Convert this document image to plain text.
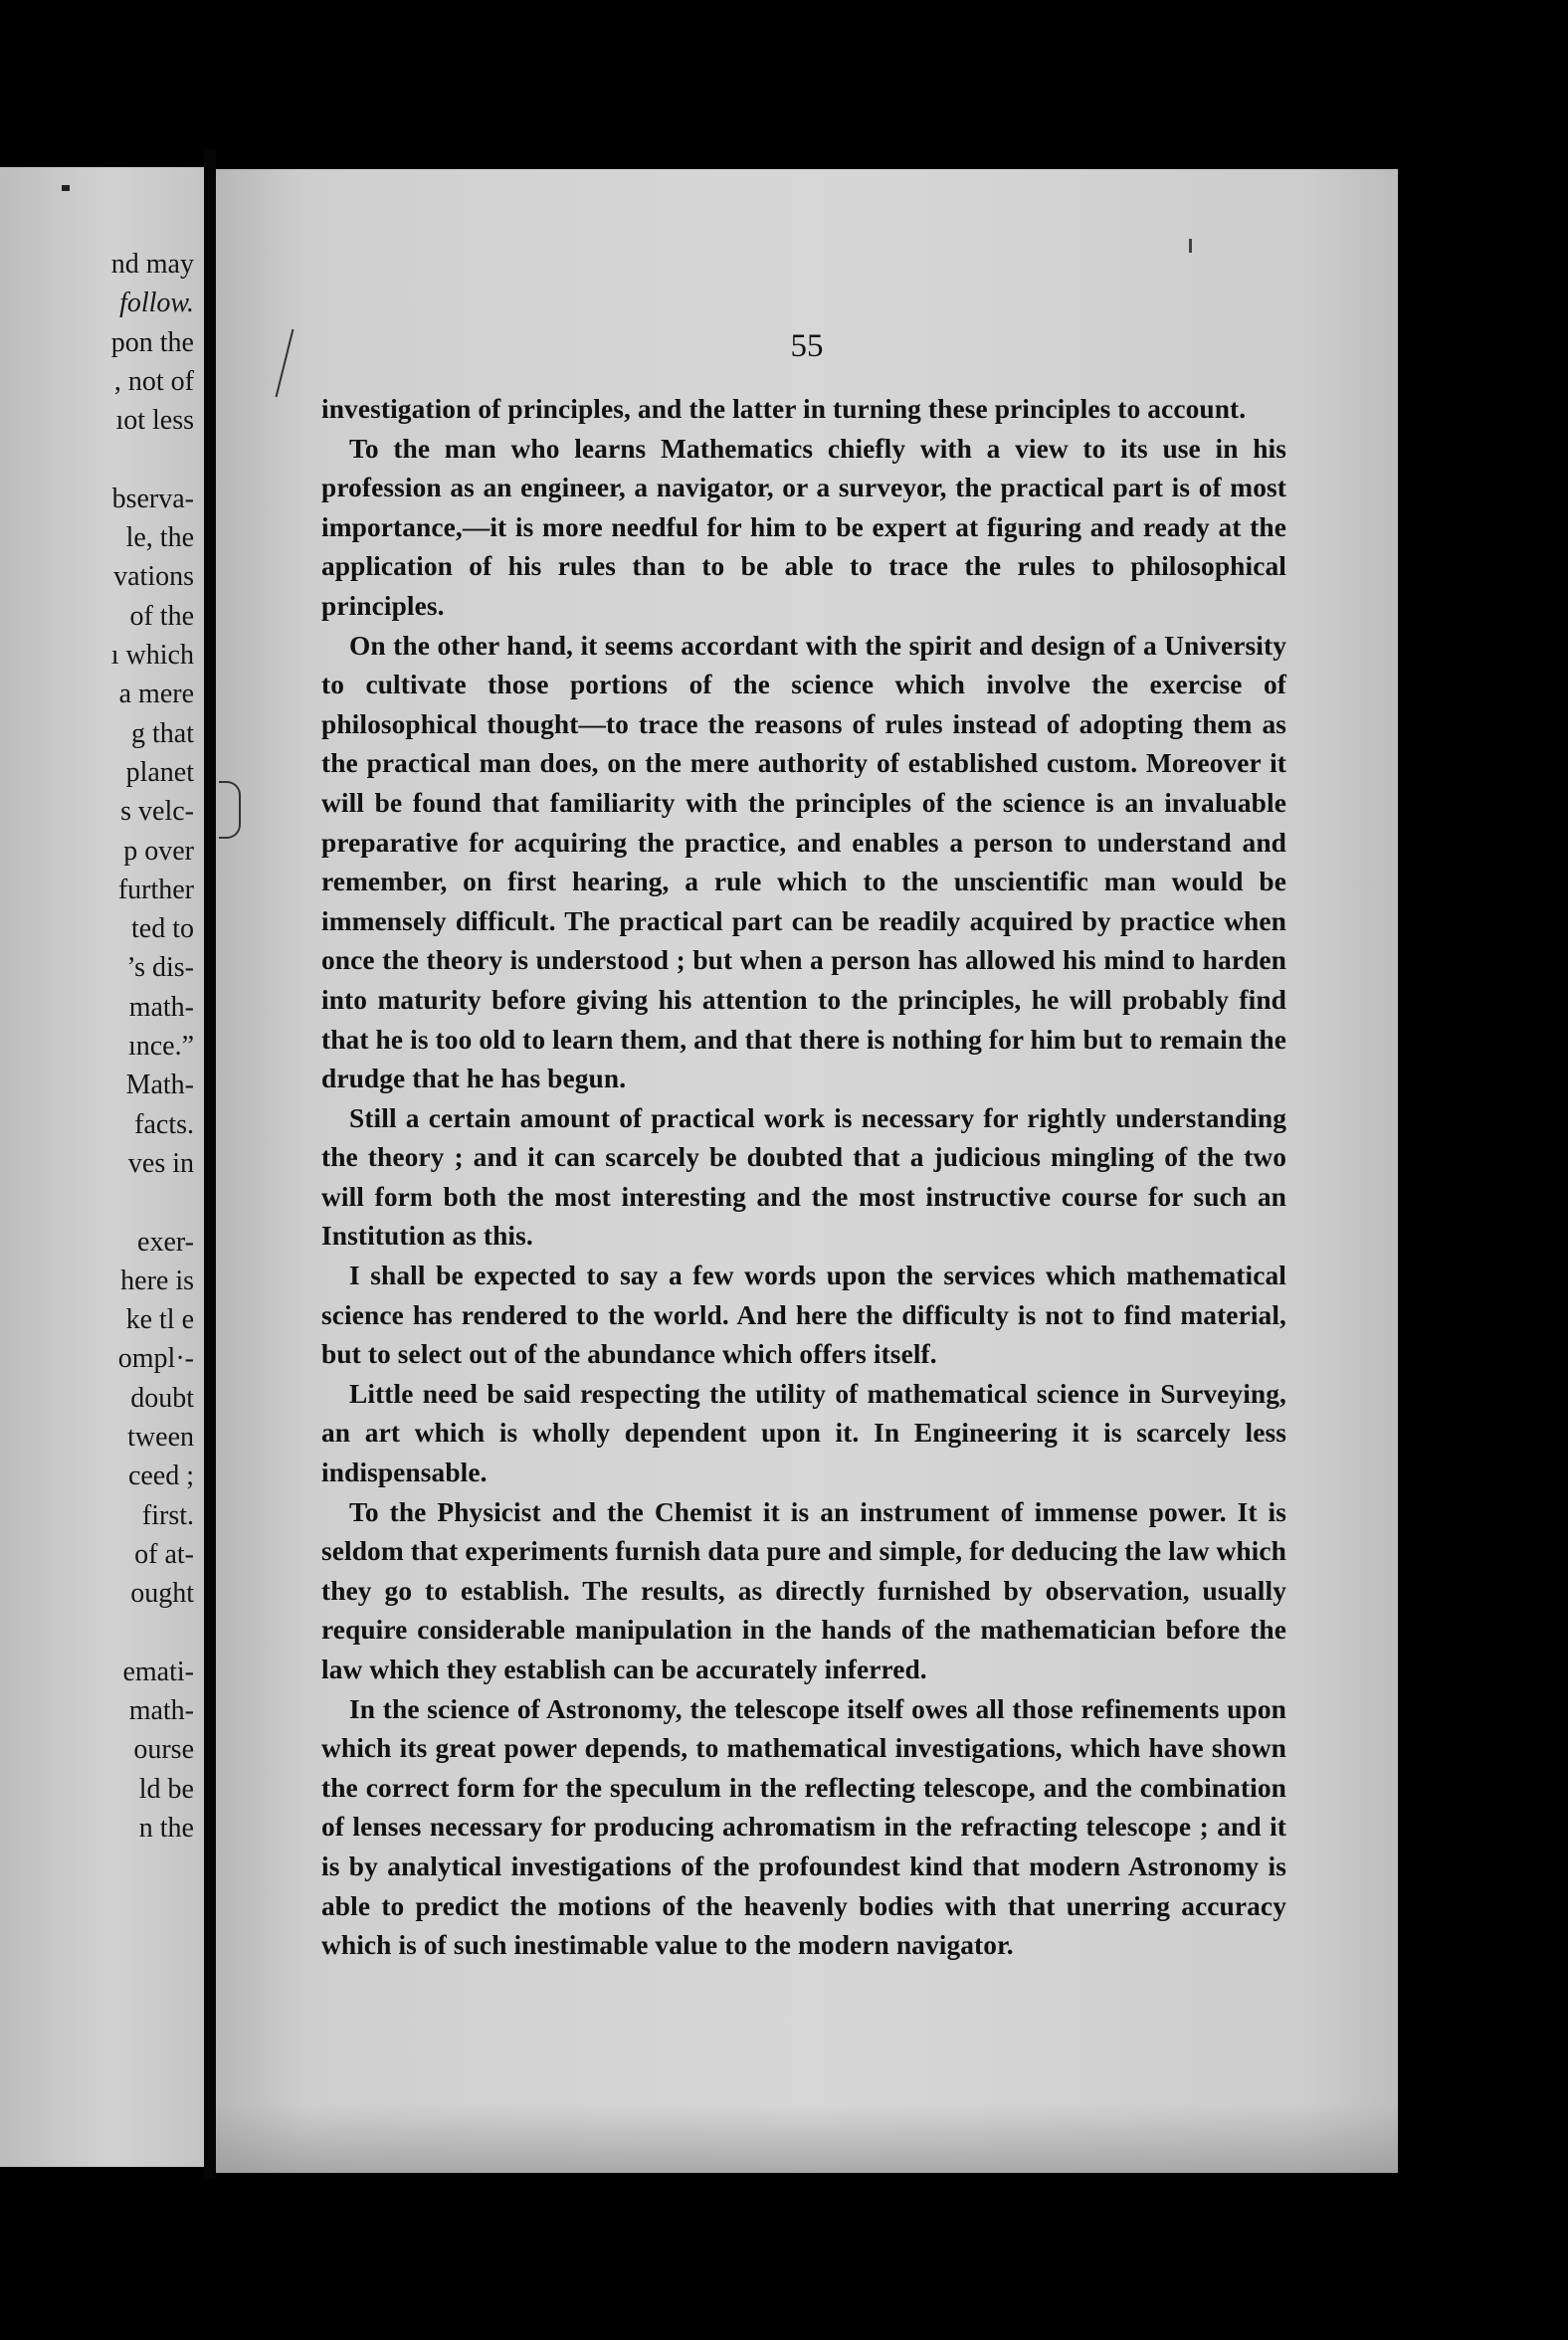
nd may
follow.
pon the
, not of
ıot less
bserva-
le, the
vations
of the
ı which
a mere
g that
planet
s velc-
p over
further
ted to
’s dis-
math-
ınce.”
Math-
facts.
ves in
exer-
here is
ke tl e
ompl·-
doubt
tween
ceed ;
first.
of at-
ought
emati-
math-
ourse
ld be
n the
55

investigation of principles, and the latter in turning these principles to account.

To the man who learns Mathematics chiefly with a view to its use in his profession as an engineer, a navigator, or a surveyor, the practical part is of most importance,—it is more needful for him to be expert at figuring and ready at the application of his rules than to be able to trace the rules to philosophical principles.

On the other hand, it seems accordant with the spirit and design of a University to cultivate those portions of the science which involve the exercise of philosophical thought—to trace the reasons of rules instead of adopting them as the practical man does, on the mere authority of established custom. Moreover it will be found that familiarity with the principles of the science is an invaluable preparative for acquiring the practice, and enables a person to understand and remember, on first hearing, a rule which to the unscientific man would be immensely difficult. The practical part can be readily acquired by practice when once the theory is understood ; but when a person has allowed his mind to harden into maturity before giving his attention to the principles, he will probably find that he is too old to learn them, and that there is nothing for him but to remain the drudge that he has begun.

Still a certain amount of practical work is necessary for rightly understanding the theory ; and it can scarcely be doubted that a judicious mingling of the two will form both the most interesting and the most instructive course for such an Institution as this.

I shall be expected to say a few words upon the services which mathematical science has rendered to the world. And here the difficulty is not to find material, but to select out of the abundance which offers itself.

Little need be said respecting the utility of mathematical science in Surveying, an art which is wholly dependent upon it. In Engineering it is scarcely less indispensable.

To the Physicist and the Chemist it is an instrument of immense power. It is seldom that experiments furnish data pure and simple, for deducing the law which they go to establish. The results, as directly furnished by observation, usually require considerable manipulation in the hands of the mathematician before the law which they establish can be accurately inferred.

In the science of Astronomy, the telescope itself owes all those refinements upon which its great power depends, to mathematical investigations, which have shown the correct form for the speculum in the reflecting telescope, and the combination of lenses necessary for producing achromatism in the refracting telescope ; and it is by analytical investigations of the profoundest kind that modern Astronomy is able to predict the motions of the heavenly bodies with that unerring accuracy which is of such inestimable value to the modern navigator.
